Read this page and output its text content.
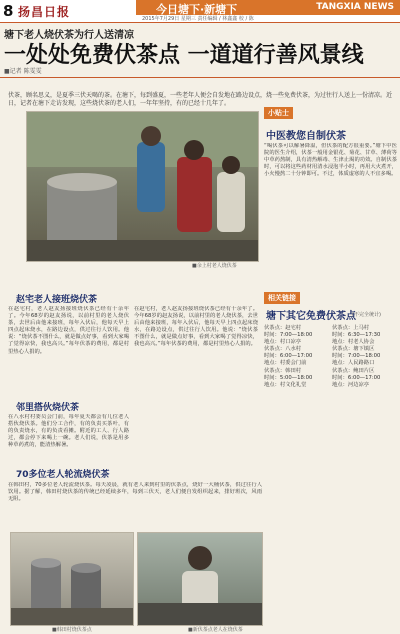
8 扬昌日报	今日塘下·新塘下	TANGXIA NEWS
2015年7月29日 星期三 责任编辑 / 林鑫鑫 校 / 陈
塘下老人烧伏茶为行人送清凉
一处处免费伏茶点 一道道行善风景线
■记者 陈雯雯
伏茶，顾名思义，是夏季三伏天喝的茶。在塘下，每到盛夏，一些老年人便会自发地在路边设点，烧一些免费伏茶，为过往行人送上一份清凉。近日，记者在塘下走访发现，这些烧伏茶的老人们，一年年坚持，有的已经十几年了。
■余上村老人烧伏茶
小贴士
中医教您自制伏茶
“喝伏茶可以解暑降温，但伏茶的配方很重要。”塘下中医院的医生介绍，伏茶一般用金银花、菊花、甘草、薄荷等中草药熬制，具有清热解毒、生津止渴的功效。自制伏茶时，可以将这些药材用清水浸泡半小时，再用大火煮开，小火慢熬二十分钟即可。不过，体质虚寒的人不宜多喝。
赵宅老人接班烧伏茶
在赵宅村，老人赵友扬接班烧伏茶已经有十余年了。今年68岁的赵友扬说，以前村里的老人烧伏茶，去世后由他来接班，每年入伏后，他每天早上四点起床烧水，在路边设点，供过往行人饮用。他说：“烧伏茶不图什么，就是做点好事，看到大家喝了觉得凉快，我也高兴。”每年伏茶的费用，都是村里热心人捐的。
邻里搭伙烧伏茶
在八水村村委员会门前，每年夏天都会有几位老人搭伙烧伏茶。他们分工合作，有的负责买茶叶，有的负责烧水，有的负责看摊。附近的工人、行人路过，都会停下来喝上一碗。老人们说，伏茶是用多种草药煮的，能清热解暑。
70多位老人轮流烧伏茶
在韩田村，70多位老人轮流烧伏茶。每天凌晨，就有老人来到村里的伏茶点，烧好一大桶伏茶，供过往行人饮用。据了解，韩田村烧伏茶的传统已经延续多年，每到三伏天，老人们便自发组织起来，排好班次，风雨无阻。
在赵宅村，老人赵友扬接班烧伏茶已经有十余年了。今年68岁的赵友扬说，以前村里的老人烧伏茶，去世后由他来接班，每年入伏后，他每天早上四点起床烧水，在路边设点，供过往行人饮用。他说：“烧伏茶不图什么，就是做点好事，看到大家喝了觉得凉快，我也高兴。”每年伏茶的费用，都是村里热心人捐的。
■韩田村烧伏茶点	■新伏茶点老人在烧伏茶
相关链接
塘下其它免费伏茶点
(不完全统计)
伏茶点：赵宅村
时间：7:00—18:00
地点：村口凉亭
伏茶点：八水村
时间：6:00—17:00
地点：村委会门前
伏茶点：韩田村
时间：5:00—18:00
地点：村文化礼堂
伏茶点：上马村
时间：6:30—17:30
地点：村老人协会
伏茶点：塘下镇区
时间：7:00—18:00
地点：人民路路口
伏茶点：鲍田片区
时间：6:00—17:00
地点：河边凉亭
